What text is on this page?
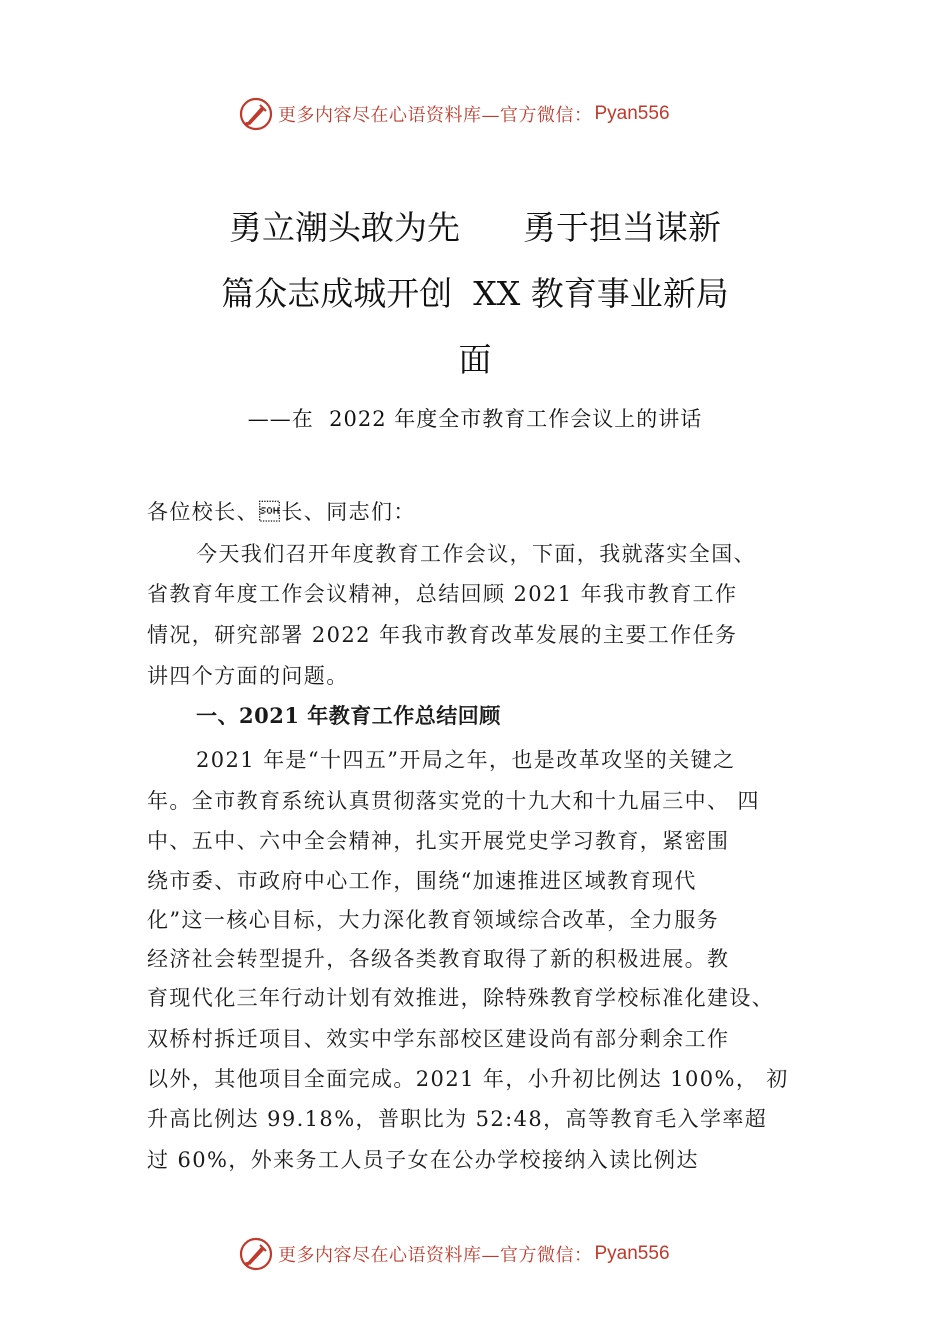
更多内容尽在心语资料库—官方微信： Pyan556
勇立潮头敢为先      勇于担当谋新
篇众志成城开创  XX 教育事业新局
面
——在  2022 年度全市教育工作会议上的讲话
各位校长、长、同志们：
今天我们召开年度教育工作会议，下面，我就落实全国、
省教育年度工作会议精神，总结回顾 2021 年我市教育工作
情况，研究部署 2022 年我市教育改革发展的主要工作任务
讲四个方面的问题。
一、2021 年教育工作总结回顾
2021 年是“十四五”开局之年，也是改革攻坚的关键之
年。全市教育系统认真贯彻落实党的十九大和十九届三中、 四
中、五中、六中全会精神，扎实开展党史学习教育，紧密围
绕市委、市政府中心工作，围绕“加速推进区域教育现代
化”这一核心目标，大力深化教育领域综合改革，全力服务
经济社会转型提升，各级各类教育取得了新的积极进展。教
育现代化三年行动计划有效推进，除特殊教育学校标准化建设、
双桥村拆迁项目、效实中学东部校区建设尚有部分剩余工作
以外，其他项目全面完成。2021 年，小升初比例达 100%， 初
升高比例达 99.18%，普职比为 52:48，高等教育毛入学率超
过 60%，外来务工人员子女在公办学校接纳入读比例达
更多内容尽在心语资料库—官方微信： Pyan556
